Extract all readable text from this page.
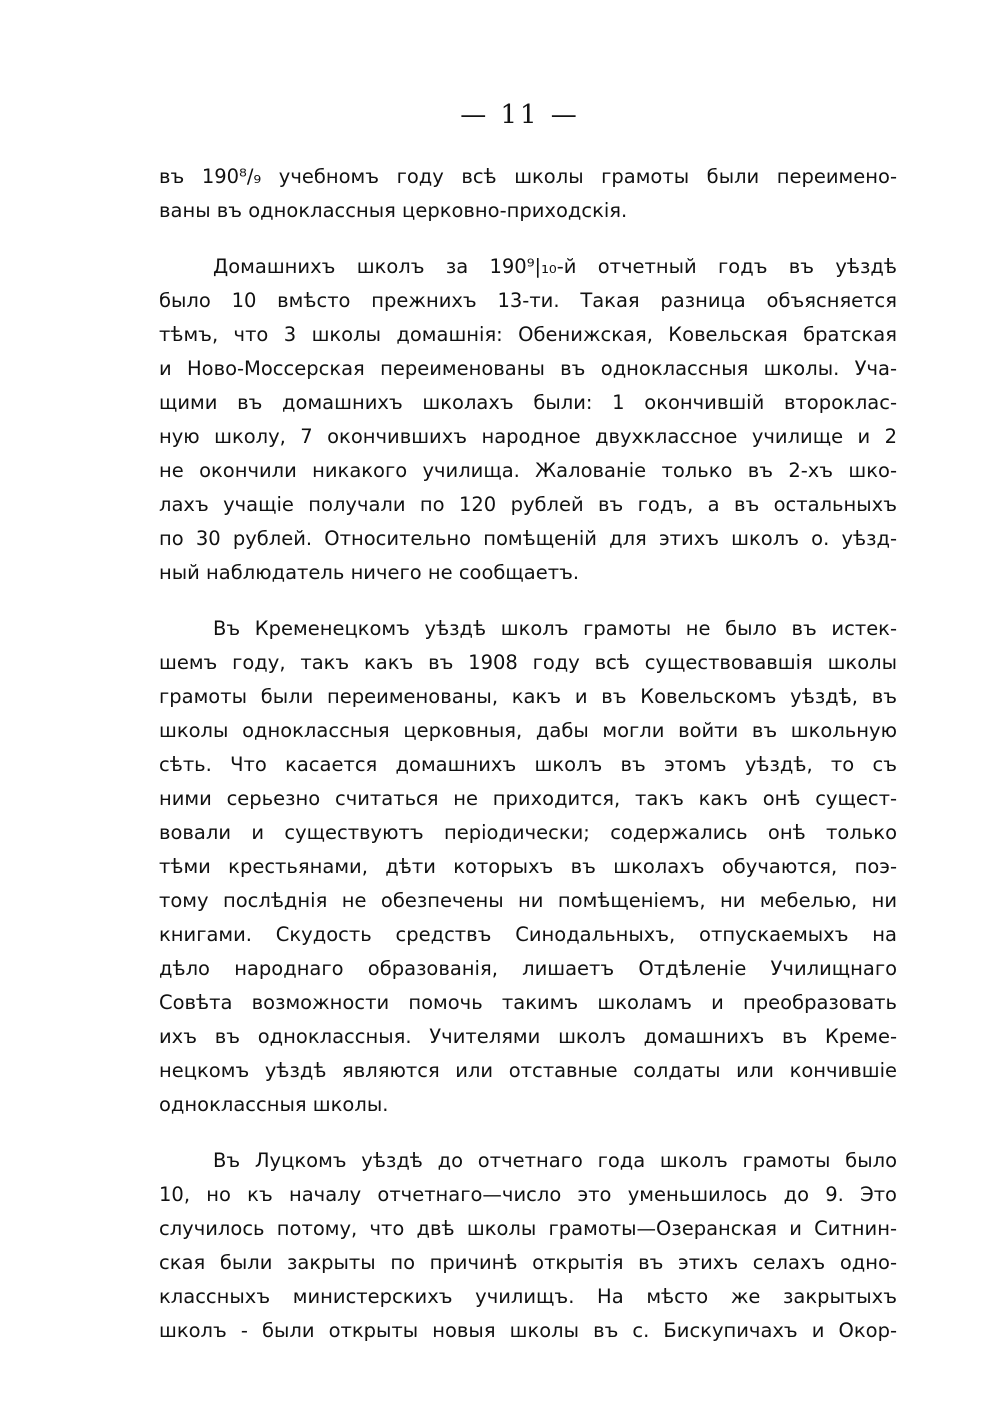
— 11 —
въ 190⁸/₉ учебномъ году всѣ школы грамоты были переимено-
ваны въ одноклассныя церковно-приходскія.
Домашнихъ школъ за 190⁹|₁₀-й отчетный годъ въ уѣздѣ
было 10 вмѣсто прежнихъ 13-ти. Такая разница объясняется
тѣмъ, что 3 школы домашнія: Обенижская, Ковельская братская
и Ново-Моссерская переименованы въ одноклассныя школы. Уча-
щими въ домашнихъ школахъ были: 1 окончившій второклас-
ную школу, 7 окончившихъ народное двухклассное училище и 2
не окончили никакого училища. Жалованіе только въ 2-хъ шко-
лахъ учащіе получали по 120 рублей въ годъ, а въ остальныхъ
по 30 рублей. Относительно помѣщеній для этихъ школъ о. уѣзд-
ный наблюдатель ничего не сообщаетъ.
Въ Кременецкомъ уѣздѣ школъ грамоты не было въ истек-
шемъ году, такъ какъ въ 1908 году всѣ существовавшія школы
грамоты были переименованы, какъ и въ Ковельскомъ уѣздѣ, въ
школы одноклассныя церковныя, дабы могли войти въ школьную
сѣть. Что касается домашнихъ школъ въ этомъ уѣздѣ, то съ
ними серьезно считаться не приходится, такъ какъ онѣ сущест-
вовали и существуютъ періодически; содержались онѣ только
тѣми крестьянами, дѣти которыхъ въ школахъ обучаются, поэ-
тому послѣднія не обезпечены ни помѣщеніемъ, ни мебелью, ни
книгами. Скудость средствъ Синодальныхъ, отпускаемыхъ на
дѣло народнаго образованія, лишаетъ Отдѣленіе Училищнаго
Совѣта возможности помочь такимъ школамъ и преобразовать
ихъ въ одноклассныя. Учителями школъ домашнихъ въ Креме-
нецкомъ уѣздѣ являются или отставные солдаты или кончившіе
одноклассныя школы.
Въ Луцкомъ уѣздѣ до отчетнаго года школъ грамоты было
10, но къ началу отчетнаго—число это уменьшилось до 9. Это
случилось потому, что двѣ школы грамоты—Озеранская и Ситнин-
ская были закрыты по причинѣ открытія въ этихъ селахъ одно-
классныхъ министерскихъ училищъ. На мѣсто же закрытыхъ
школъ - были открыты новыя школы въ с. Бискупичахъ и Окор-
